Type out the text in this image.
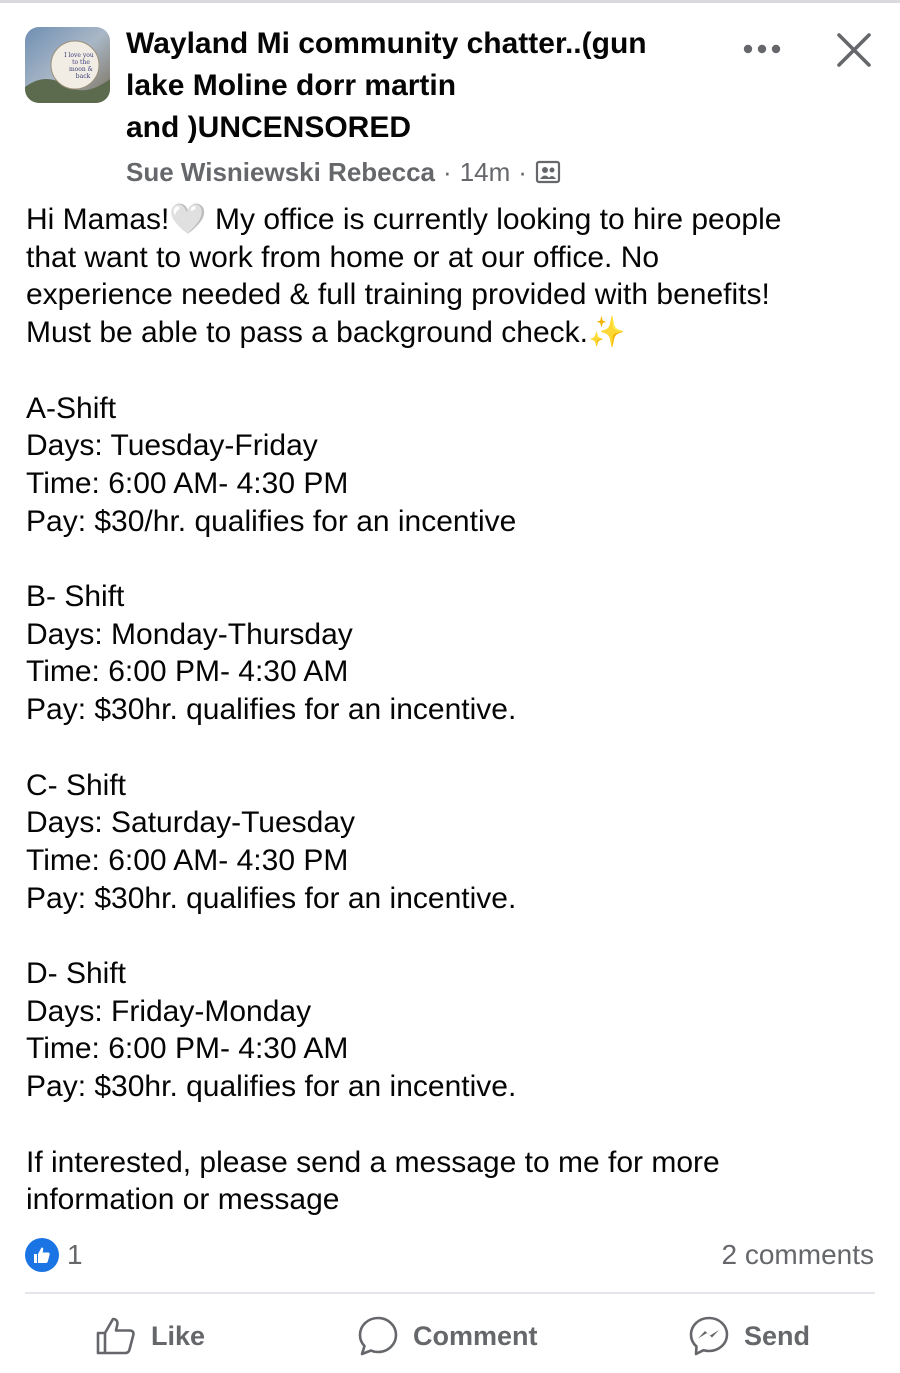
I love you
to the
moon &
back
Wayland Mi community chatter..(gun
lake Moline dorr martin
and )UNCENSORED
Sue Wisniewski Rebecca · 14m ·

Hi Mamas!🤍 My office is currently looking to hire people
that want to work from home or at our office. No
experience needed & full training provided with benefits!
Must be able to pass a background check.✨

A-Shift
Days: Tuesday-Friday
Time: 6:00 AM- 4:30 PM
Pay: $30/hr. qualifies for an incentive

B- Shift
Days: Monday-Thursday
Time: 6:00 PM- 4:30 AM
Pay: $30hr. qualifies for an incentive.

C- Shift
Days: Saturday-Tuesday
Time: 6:00 AM- 4:30 PM
Pay: $30hr. qualifies for an incentive.

D- Shift
Days: Friday-Monday
Time: 6:00 PM- 4:30 AM
Pay: $30hr. qualifies for an incentive.

If interested, please send a message to me for more
information or message

1	2 comments
Like	Comment	Send
